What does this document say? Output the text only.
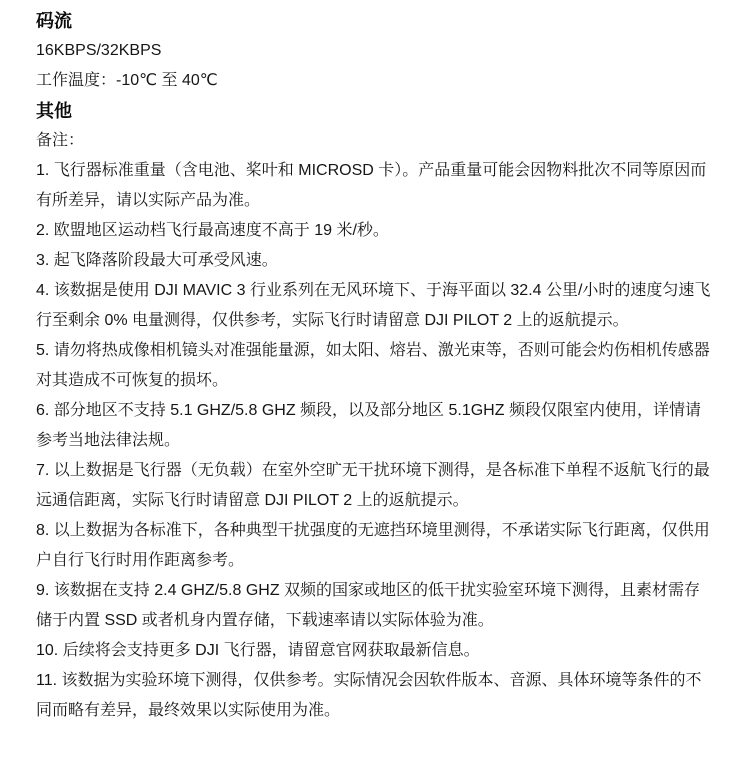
码流

16KBPS/32KBPS

工作温度：-10℃ 至 40℃

其他

备注：

1. 飞行器标准重量（含电池、桨叶和 MICROSD 卡）。产品重量可能会因物料批次不同等原因而有所差异，请以实际产品为准。

2. 欧盟地区运动档飞行最高速度不高于 19 米/秒。

3. 起飞降落阶段最大可承受风速。

4. 该数据是使用 DJI MAVIC 3 行业系列在无风环境下、于海平面以 32.4 公里/小时的速度匀速飞行至剩余 0% 电量测得，仅供参考，实际飞行时请留意 DJI PILOT 2 上的返航提示。

5. 请勿将热成像相机镜头对准强能量源，如太阳、熔岩、激光束等，否则可能会灼伤相机传感器对其造成不可恢复的损坏。

6. 部分地区不支持 5.1 GHZ/5.8 GHZ 频段，以及部分地区 5.1GHZ 频段仅限室内使用，详情请参考当地法律法规。

7. 以上数据是飞行器（无负载）在室外空旷无干扰环境下测得，是各标准下单程不返航飞行的最远通信距离，实际飞行时请留意 DJI PILOT 2 上的返航提示。

8. 以上数据为各标准下，各种典型干扰强度的无遮挡环境里测得，不承诺实际飞行距离，仅供用户自行飞行时用作距离参考。

9. 该数据在支持 2.4 GHZ/5.8 GHZ 双频的国家或地区的低干扰实验室环境下测得，且素材需存储于内置 SSD 或者机身内置存储，下载速率请以实际体验为准。

10. 后续将会支持更多 DJI 飞行器，请留意官网获取最新信息。

11. 该数据为实验环境下测得，仅供参考。实际情况会因软件版本、音源、具体环境等条件的不同而略有差异，最终效果以实际使用为准。
